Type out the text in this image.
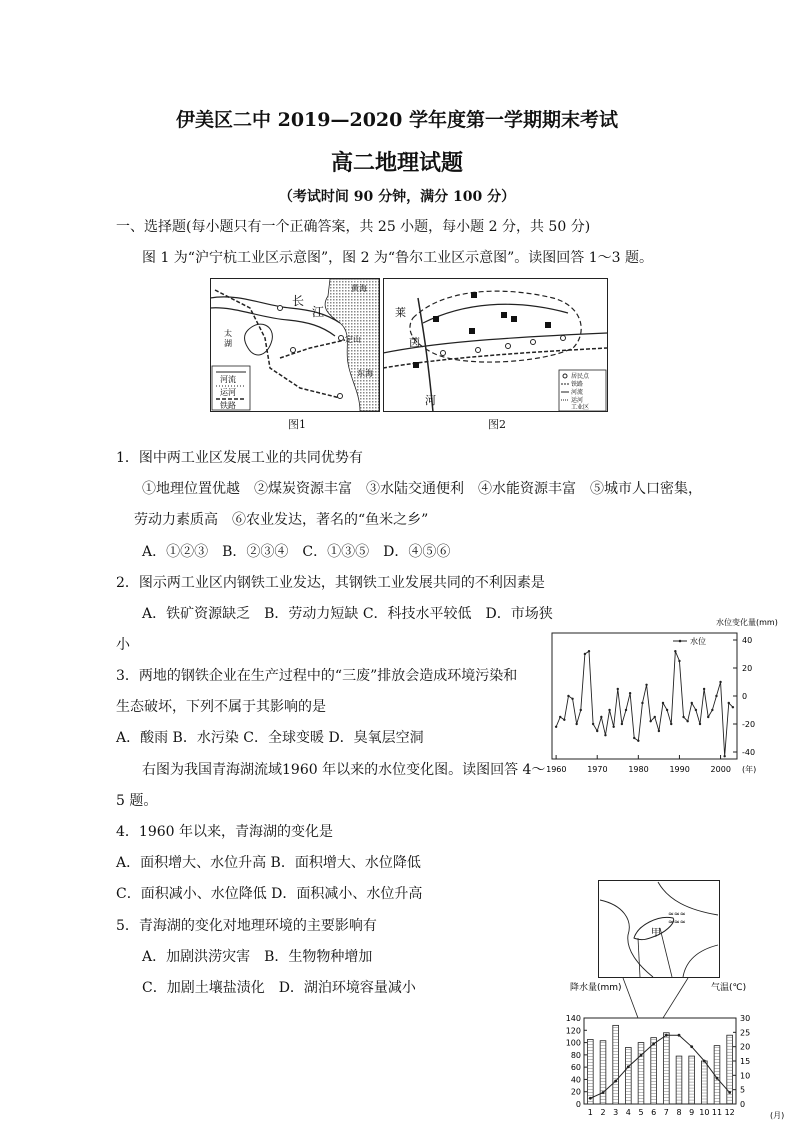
伊美区二中 2019—2020 学年度第一学期期末考试
高二地理试题
（考试时间 90 分钟，满分 100 分）
一、选择题(每小题只有一个正确答案，共 25 小题，每小题 2 分，共 50 分)
图 1 为“沪宁杭工业区示意图”，图 2 为“鲁尔工业区示意图”。读图回答 1～3 题。
长
江
黄海
东海
太
湖	定山
河流
运河
铁路
图1
莱
茵
河
居民点
铁路
河流
运河
工业区
图2
1．图中两工业区发展工业的共同优势有
①地理位置优越　②煤炭资源丰富　③水陆交通便利　④水能资源丰富　⑤城市人口密集，
劳动力素质高　⑥农业发达，著名的“鱼米之乡”
A．①②③　B．②③④　C．①③⑤　D．④⑤⑥
2．图示两工业区内钢铁工业发达，其钢铁工业发展共同的不利因素是
A．铁矿资源缺乏　B．劳动力短缺 C．科技水平较低　D．市场狭
小
3．两地的钢铁企业在生产过程中的“三废”排放会造成环境污染和
生态破坏，下列不属于其影响的是
A．酸雨 B．水污染 C．全球变暖 D．臭氧层空洞
右图为我国青海湖流域1960 年以来的水位变化图。读图回答 4～
5 题。
4．1960 年以来，青海湖的变化是
A．面积增大、水位升高 B．面积增大、水位降低
C．面积减小、水位降低 D．面积减小、水位升高
5．青海湖的变化对地理环境的主要影响有
A．加剧洪涝灾害　B．生物物种增加
C．加剧土壤盐渍化　D．湖泊环境容量减小
水位变化量(mm)
水位	40
20
0
-20
-40
1960	1970	1980	1990	2000 (年)
甲
≈≈≈
≈≈≈
降水量(mm)	气温(℃)
140
120
100
80
60
40
20
0
30
25
20
15
10
5
0
1 2 3 4 5 6 7 8 9 10 11 12	(月)
